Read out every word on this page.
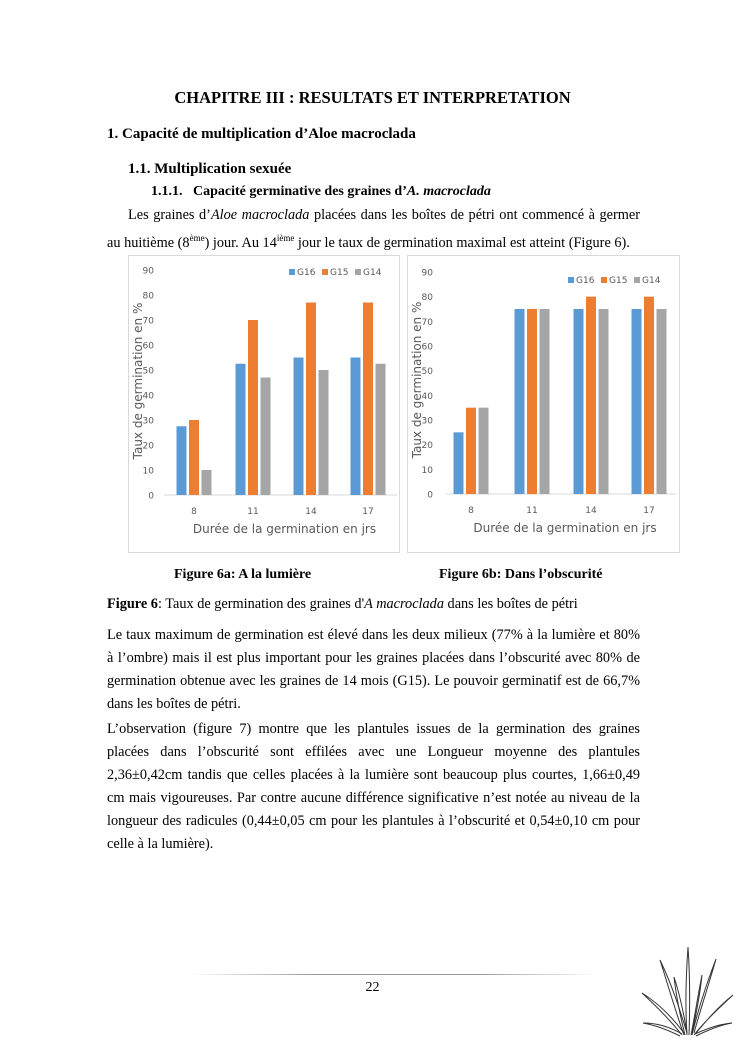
CHAPITRE III : RESULTATS ET INTERPRETATION
1. Capacité de multiplication d’Aloe macroclada
1.1. Multiplication sexuée
1.1.1. Capacité germinative des graines d’A. macroclada
Les graines d’Aloe macroclada placées dans les boîtes de pétri ont commencé à germer au huitième (8ème) jour. Au 14ième jour le taux de germination maximal est atteint (Figure 6).
0
10
20
30
40
50
60
70
80
90
8	11	14	17
G16 G15 G14
Durée de la germination en jrs
Taux de germination en %
0
10
20
30
40
50
60
70
80
90
8	11	14	17
G16 G15 G14
Durée de la germination en jrs
Taux de germination en %
Figure 6a: A la lumière	Figure 6b: Dans l’obscurité
Figure 6: Taux de germination des graines d'A macroclada dans les boîtes de pétri
Le taux maximum de germination est élevé dans les deux milieux (77% à la lumière et 80% à l’ombre) mais il est plus important pour les graines placées dans l’obscurité avec 80% de germination obtenue avec les graines de 14 mois (G15). Le pouvoir germinatif est de 66,7% dans les boîtes de pétri.
L’observation (figure 7) montre que les plantules issues de la germination des graines placées dans l’obscurité sont effilées avec une Longueur moyenne des plantules 2,36±0,42cm tandis que celles placées à la lumière sont beaucoup plus courtes, 1,66±0,49 cm mais vigoureuses. Par contre aucune différence significative n’est notée au niveau de la longueur des radicules (0,44±0,05 cm pour les plantules à l’obscurité et 0,54±0,10 cm pour celle à la lumière).
22
